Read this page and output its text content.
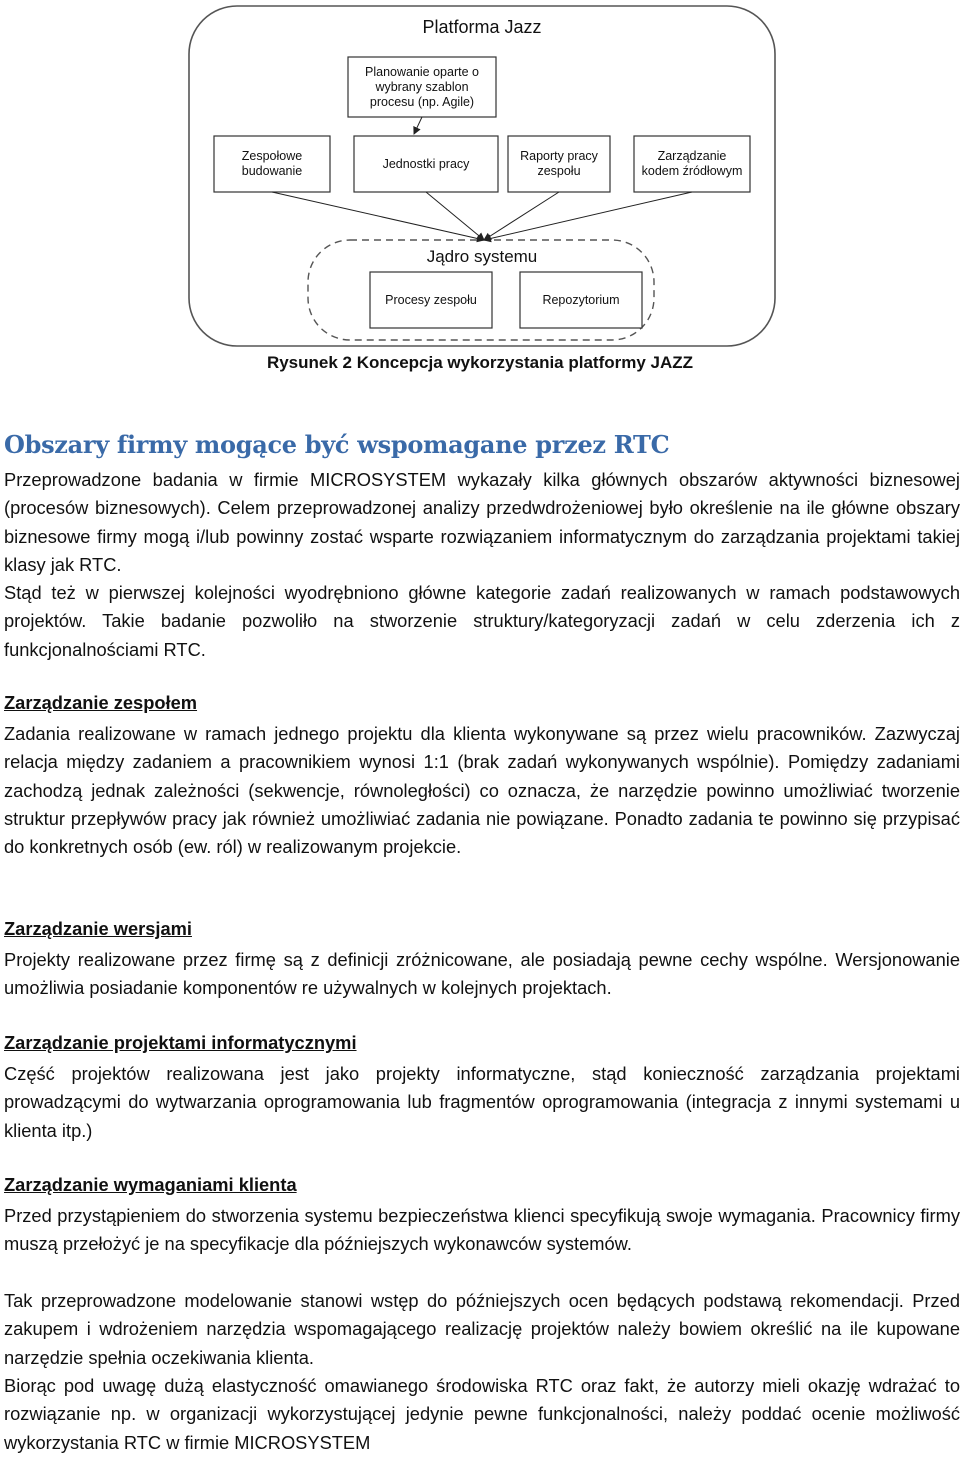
Platforma Jazz
Planowanie oparte o
wybrany szablon
procesu (np. Agile)
Zespołowe
budowanie
Jednostki pracy
Raporty pracy
zespołu
Zarządzanie
kodem źródłowym
Jądro systemu
Procesy zespołu	Repozytorium
Rysunek 2 Koncepcja wykorzystania platformy JAZZ
Obszary firmy mogące być wspomagane przez RTC

Przeprowadzone badania w firmie MICROSYSTEM wykazały kilka głównych obszarów aktywności biznesowej (procesów biznesowych). Celem przeprowadzonej analizy przedwdrożeniowej było określenie na ile główne obszary biznesowe firmy mogą i/lub powinny zostać wsparte rozwiązaniem informatycznym do zarządzania projektami takiej klasy jak RTC.

Stąd też w pierwszej kolejności wyodrębniono główne kategorie zadań realizowanych w ramach podstawowych projektów. Takie badanie pozwoliło na stworzenie struktury/kategoryzacji zadań w celu zderzenia ich z funkcjonalnościami RTC.

Zarządzanie zespołem

Zadania realizowane w ramach jednego projektu dla klienta wykonywane są przez wielu pracowników. Zazwyczaj relacja między zadaniem a pracownikiem wynosi 1:1 (brak zadań wykonywanych wspólnie). Pomiędzy zadaniami zachodzą jednak zależności (sekwencje, równoległości) co oznacza, że narzędzie powinno umożliwiać tworzenie struktur przepływów pracy jak również umożliwiać zadania nie powiązane. Ponadto zadania te powinno się przypisać do konkretnych osób (ew. ról) w realizowanym projekcie.

Zarządzanie wersjami

Projekty realizowane przez firmę są z definicji zróżnicowane, ale posiadają pewne cechy wspólne. Wersjonowanie umożliwia posiadanie komponentów re używalnych w kolejnych projektach.

Zarządzanie projektami informatycznymi

Część projektów realizowana jest jako projekty informatyczne, stąd konieczność zarządzania projektami prowadzącymi do wytwarzania oprogramowania lub fragmentów oprogramowania (integracja z innymi systemami u klienta itp.)

Zarządzanie wymaganiami klienta

Przed przystąpieniem do stworzenia systemu bezpieczeństwa klienci specyfikują swoje wymagania. Pracownicy firmy muszą przełożyć je na specyfikacje dla późniejszych wykonawców systemów.

Tak przeprowadzone modelowanie stanowi wstęp do późniejszych ocen będących podstawą rekomendacji. Przed zakupem i wdrożeniem narzędzia wspomagającego realizację projektów należy bowiem określić na ile kupowane narzędzie spełnia oczekiwania klienta.

Biorąc pod uwagę dużą elastyczność omawianego środowiska RTC oraz fakt, że autorzy mieli okazję wdrażać to rozwiązanie np. w organizacji wykorzystującej jedynie pewne funkcjonalności, należy poddać ocenie możliwość wykorzystania RTC w firmie MICROSYSTEM
